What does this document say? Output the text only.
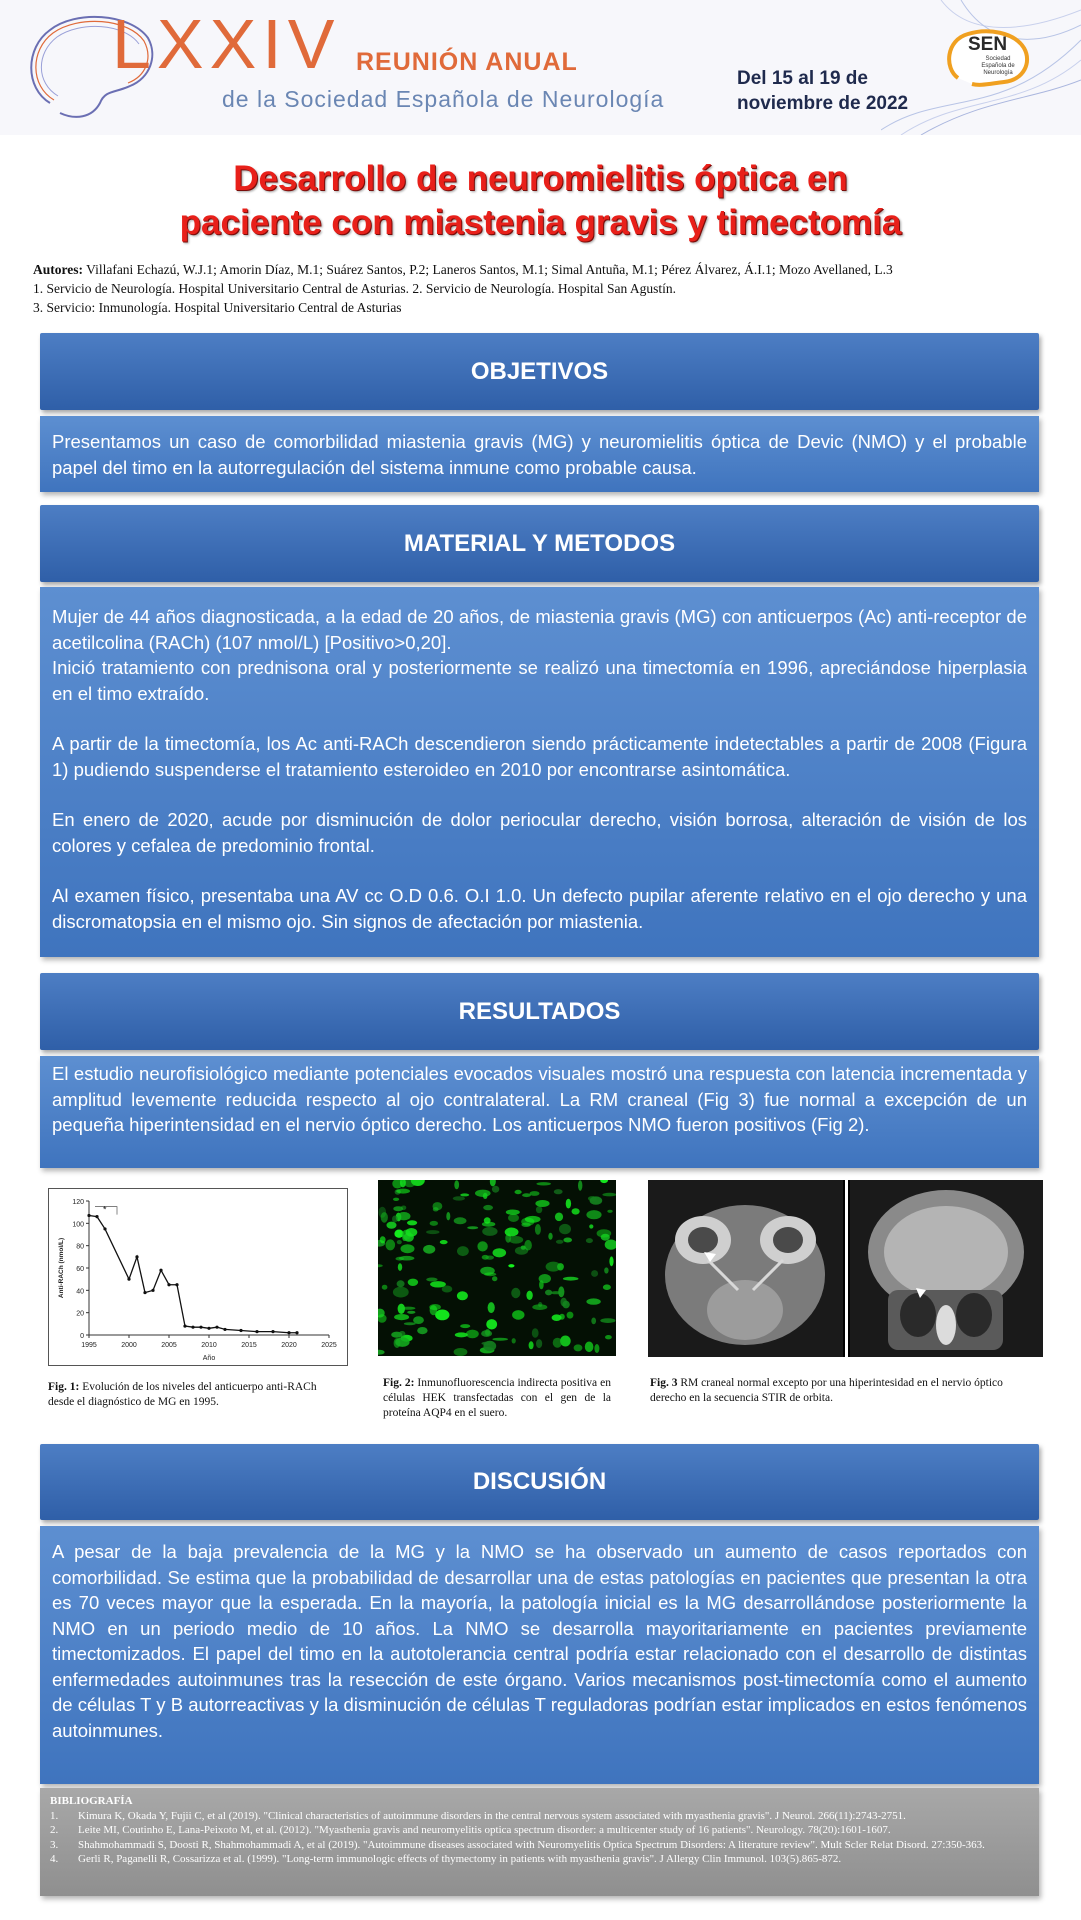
LXXIV REUNIÓN ANUAL
de la Sociedad Española de Neurología
Del 15 al 19 de
noviembre de 2022
SEN
Sociedad Española de Neurología
Desarrollo de neuromielitis óptica en
paciente con miastenia gravis y timectomía
Autores: Villafani Echazú, W.J.1; Amorin Díaz, M.1; Suárez Santos, P.2; Laneros Santos, M.1; Simal Antuña, M.1; Pérez Álvarez, Á.I.1; Mozo Avellaned, L.3
1. Servicio de Neurología. Hospital Universitario Central de Asturias. 2. Servicio de Neurología. Hospital San Agustín.
3. Servicio: Inmunología. Hospital Universitario Central de Asturias
OBJETIVOS

Presentamos un caso de comorbilidad miastenia gravis (MG) y neuromielitis óptica de Devic (NMO) y el probable papel del timo en la autorregulación del sistema inmune como probable causa.

MATERIAL Y METODOS

Mujer de 44 años diagnosticada, a la edad de 20 años, de miastenia gravis (MG) con anticuerpos (Ac) anti-receptor de acetilcolina (RACh) (107 nmol/L) [Positivo>0,20].

Inició tratamiento con prednisona oral y posteriormente se realizó una timectomía en 1996, apreciándose hiperplasia en el timo extraído.

A partir de la timectomía, los Ac anti-RACh descendieron siendo prácticamente indetectables a partir de 2008 (Figura 1) pudiendo suspenderse el tratamiento esteroideo en 2010 por encontrarse asintomática.

En enero de 2020, acude por disminución de dolor periocular derecho, visión borrosa, alteración de visión de los colores y cefalea de predominio frontal.

Al examen físico, presentaba una AV cc O.D 0.6. O.I 1.0. Un defecto pupilar aferente relativo en el ojo derecho y una discromatopsia en el mismo ojo. Sin signos de afectación por miastenia.

RESULTADOS

El estudio neurofisiológico mediante potenciales evocados visuales mostró una respuesta con latencia incrementada y amplitud levemente reducida respecto al ojo contralateral. La RM craneal (Fig 3) fue normal a excepción de un pequeña hiperintensidad en el nervio óptico derecho. Los anticuerpos NMO fueron positivos (Fig 2).

0
20
40
60
80
100
120
1995	2000	2005	2010	2015	2020	2025
Año
Anti-RACh (nmol/L)
*
Fig. 1: Evolución de los niveles del anticuerpo anti-RACh desde el diagnóstico de MG en 1995.
Fig. 2: Inmunofluorescencia indirecta positiva en células HEK transfectadas con el gen de la proteína AQP4 en el suero.
Fig. 3 RM craneal normal excepto por una hiperintesidad en el nervio óptico derecho en la secuencia STIR de orbita.
DISCUSIÓN

A pesar de la baja prevalencia de la MG y la NMO se ha observado un aumento de casos reportados con comorbilidad. Se estima que la probabilidad de desarrollar una de estas patologías en pacientes que presentan la otra es 70 veces mayor que la esperada. En la mayoría, la patología inicial es la MG desarrollándose posteriormente la NMO en un periodo medio de 10 años. La NMO se desarrolla mayoritariamente en pacientes previamente timectomizados. El papel del timo en la autotolerancia central podría estar relacionado con el desarrollo de distintas enfermedades autoinmunes tras la resección de este órgano. Varios mecanismos post-timectomía como el aumento de células T y B autorreactivas y la disminución de células T reguladoras podrían estar implicados en estos fenómenos autoinmunes.

BIBLIOGRAFÍA
1.	Kimura K, Okada Y, Fujii C, et al (2019). "Clinical characteristics of autoimmune disorders in the central nervous system associated with myasthenia gravis". J Neurol. 266(11):2743-2751.
2.	Leite MI, Coutinho E, Lana-Peixoto M, et al. (2012). "Myasthenia gravis and neuromyelitis optica spectrum disorder: a multicenter study of 16 patients". Neurology. 78(20):1601-1607.
3.	Shahmohammadi S, Doosti R, Shahmohammadi A, et al (2019). "Autoimmune diseases associated with Neuromyelitis Optica Spectrum Disorders: A literature review". Mult Scler Relat Disord. 27:350-363.
4.	Gerli R, Paganelli R, Cossarizza et al. (1999). "Long-term immunologic effects of thymectomy in patients with myasthenia gravis". J Allergy Clin Immunol. 103(5).865-872.
